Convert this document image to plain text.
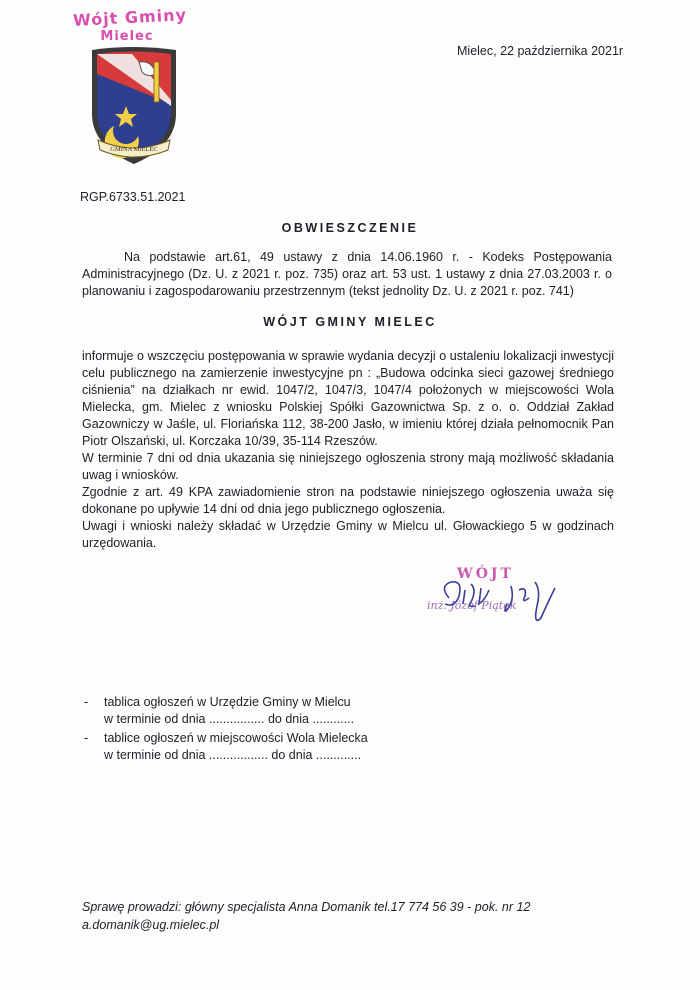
Wójt Gminy
Mielec
GMINA MIELEC
Mielec, 22 października 2021r
RGP.6733.51.2021
OBWIESZCZENIE
Na podstawie art.61, 49 ustawy z dnia 14.06.1960 r. - Kodeks Postępowania Administracyjnego (Dz. U. z 2021 r. poz. 735) oraz art. 53 ust. 1 ustawy z dnia 27.03.2003 r. o planowaniu i zagospodarowaniu przestrzennym (tekst jednolity Dz. U. z 2021 r. poz. 741)
WÓJT GMINY MIELEC

informuje o wszczęciu postępowania w sprawie wydania decyzji o ustaleniu lokalizacji inwestycji celu publicznego na zamierzenie inwestycyjne pn : „Budowa odcinka sieci gazowej średniego ciśnienia” na działkach nr ewid. 1047/2, 1047/3, 1047/4 położonych w miejscowości Wola Mielecka, gm. Mielec z wniosku Polskiej Spółki Gazownictwa Sp. z o. o. Oddział Zakład Gazowniczy w Jaśle, ul. Floriańska 112, 38-200 Jasło, w imieniu której działa pełnomocnik Pan Piotr Olszański, ul. Korczaka 10/39, 35-114 Rzeszów.

W terminie 7 dni od dnia ukazania się niniejszego ogłoszenia strony mają możliwość składania uwag i wniosków.

Zgodnie z art. 49 KPA zawiadomienie stron na podstawie niniejszego ogłoszenia uważa się dokonane po upływie 14 dni od dnia jego publicznego ogłoszenia.

Uwagi i wnioski należy składać w Urzędzie Gminy w Mielcu ul. Głowackiego 5 w godzinach urzędowania.

WÓJT
inż. Józef Piątek
-	tablica ogłoszeń w Urzędzie Gminy w Mielcu
w terminie od dnia ................ do dnia ............
-	tablice ogłoszeń w miejscowości Wola Mielecka
w terminie od dnia ................. do dnia .............
Sprawę prowadzi: główny specjalista Anna Domanik tel.17 774 56 39 - pok. nr 12
a.domanik@ug.mielec.pl
